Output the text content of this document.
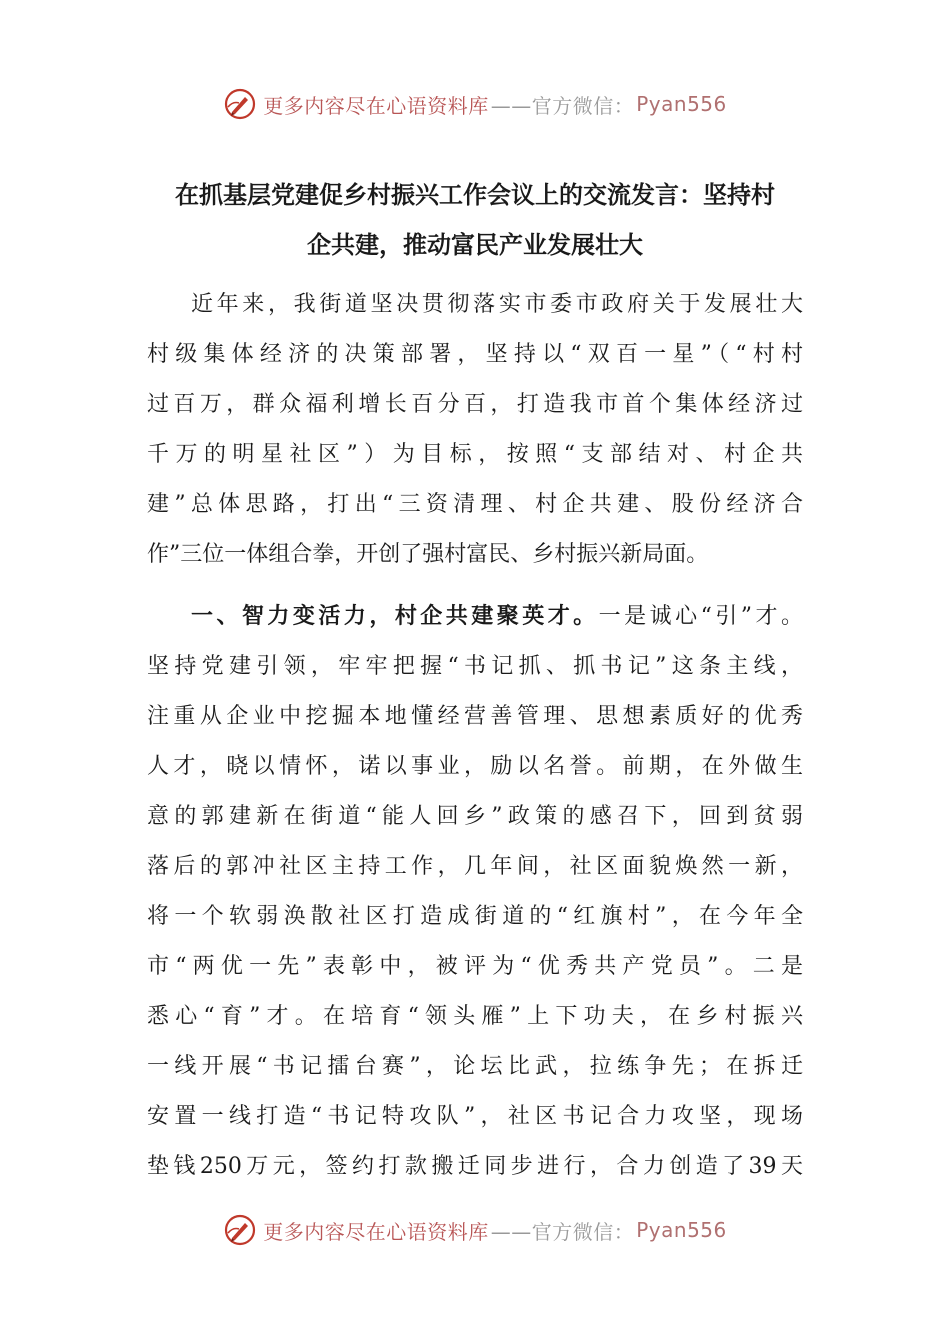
更多内容尽在心语资料库 ——官方微信： Pyan556
在抓基层党建促乡村振兴工作会议上的交流发言：坚持村
企共建，推动富民产业发展壮大
近年来，我街道坚决贯彻落实市委市政府关于发展壮大
村级集体经济的决策部署，坚持以“双百一星”（“村村
过百万，群众福利增长百分百，打造我市首个集体经济过
千万的明星社区”）为目标，按照“支部结对、村企共
建”总体思路，打出“三资清理、村企共建、股份经济合
作”三位一体组合拳，开创了强村富民、乡村振兴新局面。
一、智力变活力，村企共建聚英才。一是诚心“引”才。
坚持党建引领，牢牢把握“书记抓、抓书记”这条主线，
注重从企业中挖掘本地懂经营善管理、思想素质好的优秀
人才，晓以情怀，诺以事业，励以名誉。前期，在外做生
意的郭建新在街道“能人回乡”政策的感召下，回到贫弱
落后的郭冲社区主持工作，几年间，社区面貌焕然一新，
将一个软弱涣散社区打造成街道的“红旗村”，在今年全
市“两优一先”表彰中，被评为“优秀共产党员”。二是
悉心“育”才。在培育“领头雁”上下功夫，在乡村振兴
一线开展“书记擂台赛”，论坛比武，拉练争先；在拆迁
安置一线打造“书记特攻队”，社区书记合力攻坚，现场
垫钱250万元，签约打款搬迁同步进行，合力创造了39天
更多内容尽在心语资料库 ——官方微信： Pyan556
